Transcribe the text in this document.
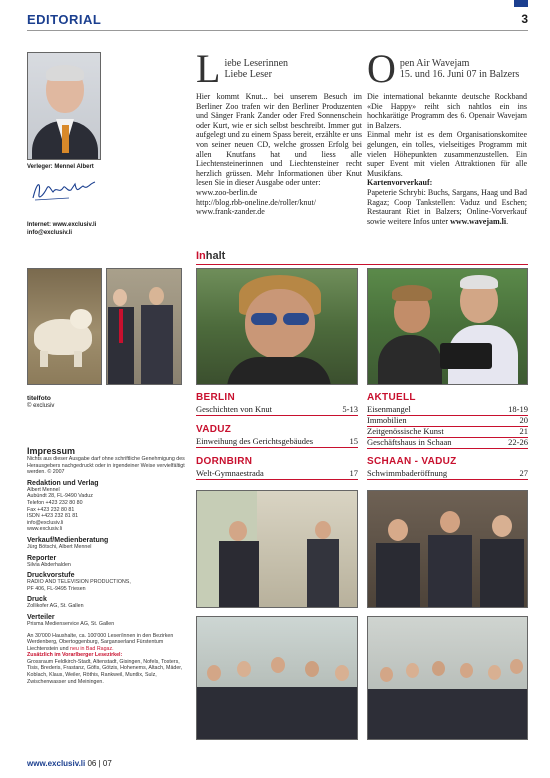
EDITORIAL	3
Verleger: Mennel Albert
Internet: www.exclusiv.li
info@exclusiv.li
L iebe Leserinnen
Liebe Leser

Hier kommt Knut... bei unserem Besuch im Berliner Zoo trafen wir den Berliner Produzenten und Sänger Frank Zander oder Fred Sonnenschein oder Kurt, wie er sich selbst beschreibt. Immer gut aufgelegt und zu einem Spass bereit, erzählte er uns von seiner neuen CD, welche grossen Erfolg bei allen Knutfans hat und liess alle Liechtensteinerinnen und Liechtensteiner recht herzlich grüssen. Mehr Informationen über Knut lesen Sie in dieser Ausgabe oder unter:

www.zoo-berlin.de
http://blog.rbb-oneline.de/roller/knut/
www.frank-zander.de
O pen Air Wavejam
15. und 16. Juni 07 in Balzers

Die international bekannte deutsche Rockband «Die Happy» reiht sich nahtlos ein ins hochkarätige Programm des 6. Openair Wavejam in Balzers.

Einmal mehr ist es dem Organisationskomitee gelungen, ein tolles, vielseitiges Programm mit vielen Höhepunkten zusammenzustellen. Ein super Event mit vielen Attraktionen für alle Musikfans.

Kartenvorverkauf:

Papeterie Schrybi: Buchs, Sargans, Haag und Bad Ragaz; Coop Tankstellen: Vaduz und Eschen; Restaurant Riet in Balzers; Online-Vorverkauf sowie weitere Infos unter www.wavejam.li.

Inhalt
titelfoto
© exclusiv
BERLIN
Geschichten von Knut	5-13
VADUZ
Einweihung des Gerichtsgebäudes	15
DORNBIRN
Welt-Gymnaestrada	17
AKTUELL
Eisenmangel	18-19
Immobilien	20
Zeitgenössische Kunst	21
Geschäftshaus in Schaan	22-26
SCHAAN - VADUZ
Schwimmbaderöffnung	27
Impressum
Nichts aus dieser Ausgabe darf ohne schriftliche Genehmigung des Herausgebers nachgedruckt oder in irgendeiner Weise vervielfältigt werden. © 2007
Redaktion und Verlag
Albert Mennel
Aubündt 28, FL-9490 Vaduz
Telefon +423 232 80 80
Fax +423 232 80 81
ISDN +423 232 81 81
info@exclusiv.li
www.exclusiv.li
Verkauf/Medienberatung
Jürg Bötschi, Albert Mennel
Reporter
Silvia Abderhalden
Druckvorstufe
RADIO AND TELEVISION PRODUCTIONS,
PF 406, FL-9495 Triesen
Druck
Zollikofer AG, St. Gallen
Verteiler
Prisma Medienservice AG, St. Gallen
An 30'000 Haushalte, ca. 100'000 Leser/innen in den Bezirken Werdenberg, Obertoggenburg, Sarganserland Fürstentum Liechtenstein und neu in Bad Ragaz.
Zusätzlich im Vorarlberger Lesezirkel:
Grossraum Feldkirch-Stadt, Altenstadt, Gisingen, Nofels, Tosters, Tisis, Brederis, Frastanz, Göfis, Götzis, Hohenems, Altach, Mäder, Koblach, Klaus, Weiler, Röthis, Rankweil, Muntlix, Sulz, Zwischenwasser und Meiningen.
www.exclusiv.li 06 | 07
